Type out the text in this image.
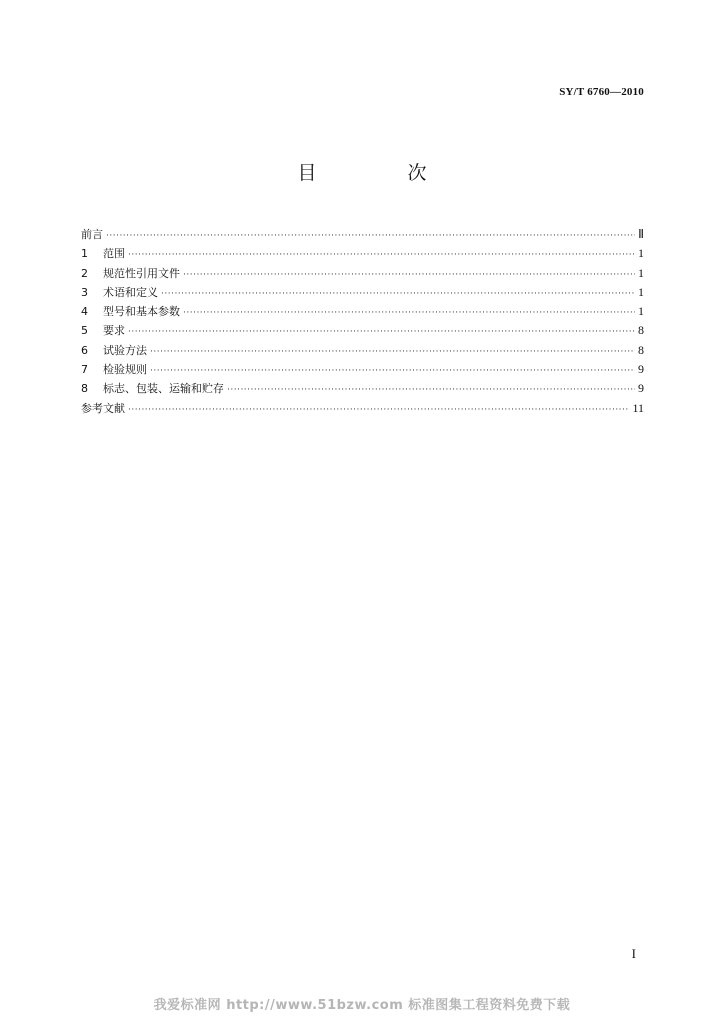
SY/T 6760—2010
目　次
前言 ·····	Ⅱ
1	范围 ·····	1
2	规范性引用文件 ·····	1
3	术语和定义 ·····	1
4	型号和基本参数 ·····	1
5	要求 ·····	8
6	试验方法 ·····	8
7	检验规则 ·····	9
8	标志、包装、运输和贮存 ·····	9
参考文献 ·····	11
I
我爱标准网 http://www.51bzw.com 标准图集工程资料免费下载
